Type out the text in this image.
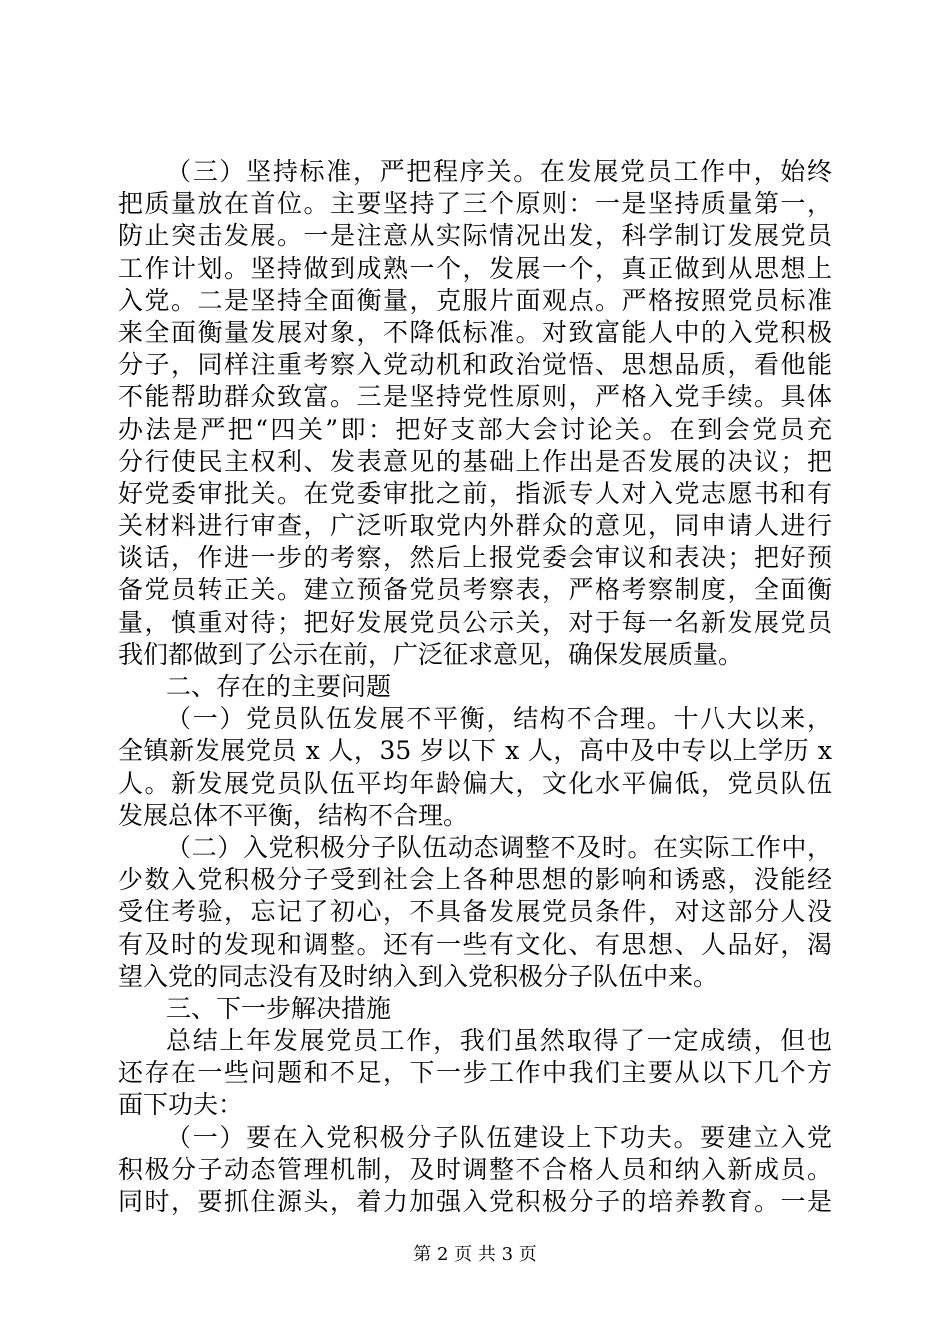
（三）坚持标准，严把程序关。在发展党员工作中，始终
把质量放在首位。主要坚持了三个原则：一是坚持质量第一，
防止突击发展。一是注意从实际情况出发，科学制订发展党员
工作计划。坚持做到成熟一个，发展一个，真正做到从思想上
入党。二是坚持全面衡量，克服片面观点。严格按照党员标准
来全面衡量发展对象，不降低标准。对致富能人中的入党积极
分子，同样注重考察入党动机和政治觉悟、思想品质，看他能
不能帮助群众致富。三是坚持党性原则，严格入党手续。具体
办法是严把“四关”即：把好支部大会讨论关。在到会党员充
分行使民主权利、发表意见的基础上作出是否发展的决议；把
好党委审批关。在党委审批之前，指派专人对入党志愿书和有
关材料进行审查，广泛听取党内外群众的意见，同申请人进行
谈话，作进一步的考察，然后上报党委会审议和表决；把好预
备党员转正关。建立预备党员考察表，严格考察制度，全面衡
量，慎重对待；把好发展党员公示关，对于每一名新发展党员
我们都做到了公示在前，广泛征求意见，确保发展质量。
二、存在的主要问题
（一）党员队伍发展不平衡，结构不合理。十八大以来，
全镇新发展党员 x 人，35 岁以下 x 人，高中及中专以上学历 x
人。新发展党员队伍平均年龄偏大，文化水平偏低，党员队伍
发展总体不平衡，结构不合理。
（二）入党积极分子队伍动态调整不及时。在实际工作中，
少数入党积极分子受到社会上各种思想的影响和诱惑，没能经
受住考验，忘记了初心，不具备发展党员条件，对这部分人没
有及时的发现和调整。还有一些有文化、有思想、人品好，渴
望入党的同志没有及时纳入到入党积极分子队伍中来。
三、下一步解决措施
总结上年发展党员工作，我们虽然取得了一定成绩，但也
还存在一些问题和不足，下一步工作中我们主要从以下几个方
面下功夫：
（一）要在入党积极分子队伍建设上下功夫。要建立入党
积极分子动态管理机制，及时调整不合格人员和纳入新成员。
同时，要抓住源头，着力加强入党积极分子的培养教育。一是
第 2 页 共 3 页
